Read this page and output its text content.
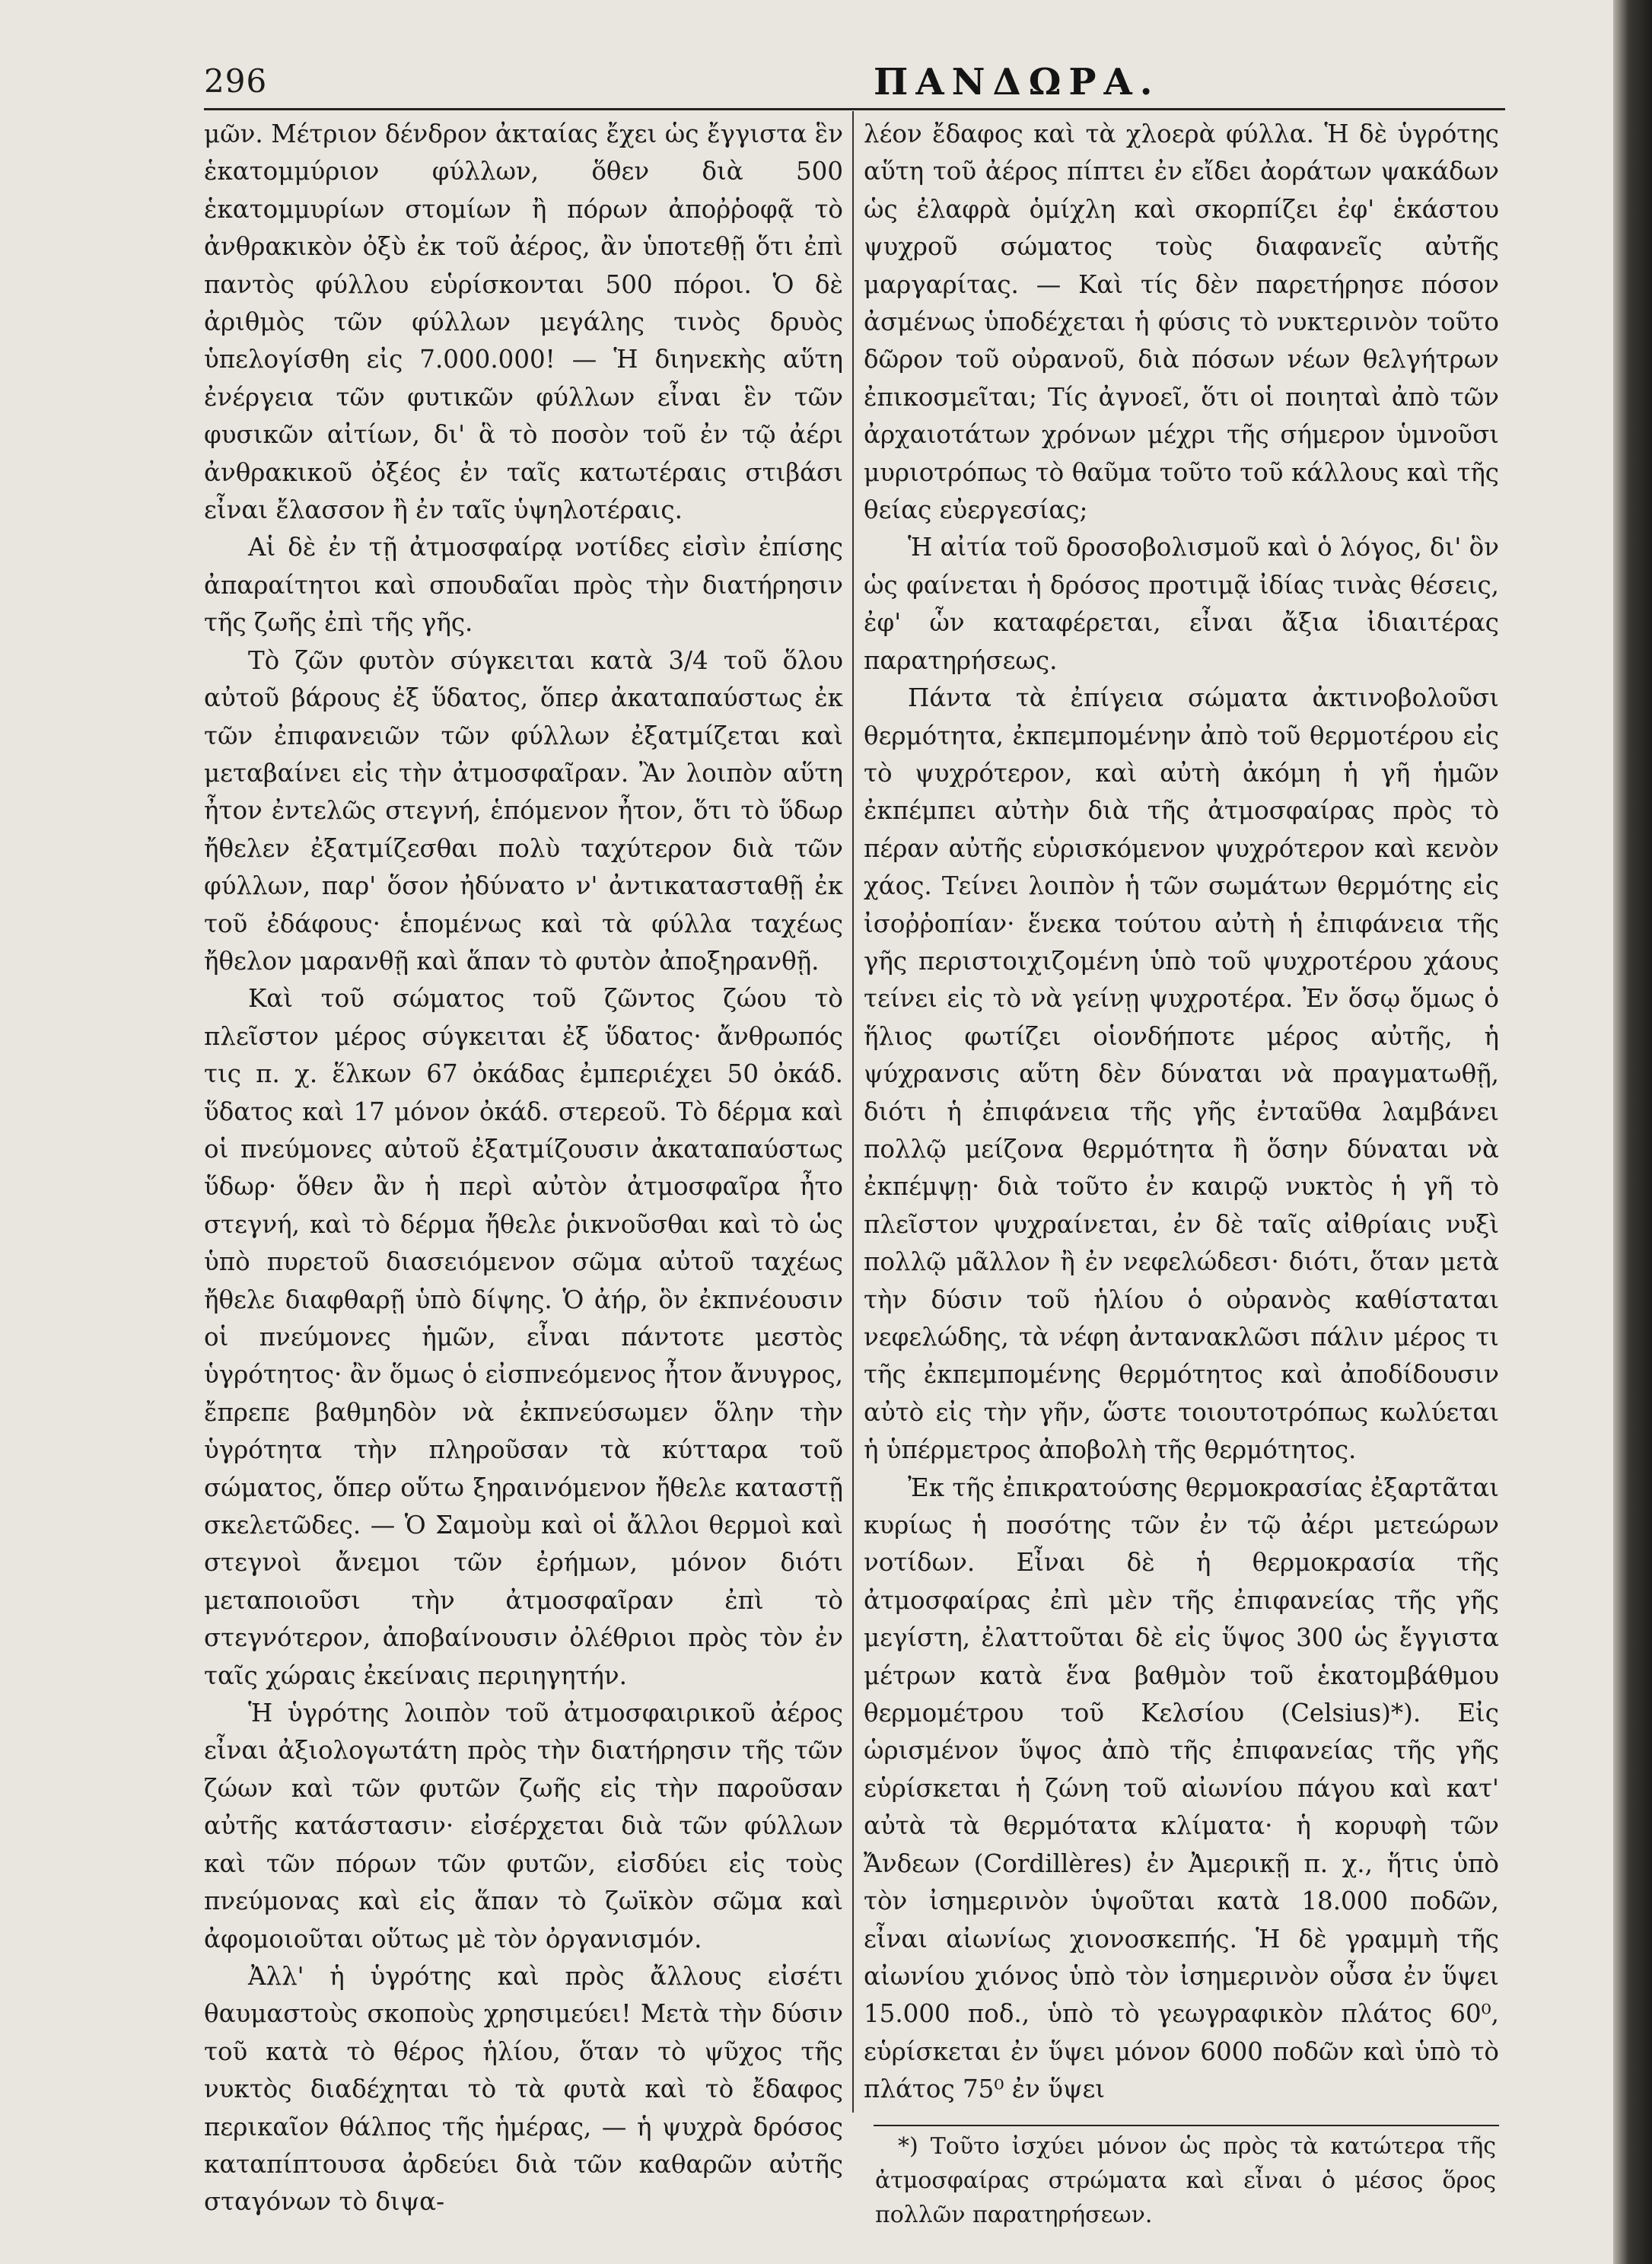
296	ΠΑΝΔΩΡΑ.

μῶν. Μέτριον δένδρον ἀκταίας ἔχει ὡς ἔγγιστα ἓν ἑκατομμύριον φύλλων, ὅθεν διὰ 500 ἑκατομμυρίων στομίων ἢ πόρων ἀποῤῥοφᾷ τὸ ἀνθρακικὸν ὀξὺ ἐκ τοῦ ἀέρος, ἂν ὑποτεθῇ ὅτι ἐπὶ παντὸς φύλλου εὑρίσκονται 500 πόροι. Ὁ δὲ ἀριθμὸς τῶν φύλλων μεγάλης τινὸς δρυὸς ὑπελογίσθη εἰς 7.000.000! — Ἡ διηνεκὴς αὕτη ἐνέργεια τῶν φυτικῶν φύλλων εἶναι ἓν τῶν φυσικῶν αἰτίων, δι' ἃ τὸ ποσὸν τοῦ ἐν τῷ ἀέρι ἀνθρακικοῦ ὀξέος ἐν ταῖς κατωτέραις στιβάσι εἶναι ἔλασσον ἢ ἐν ταῖς ὑψηλοτέραις.

Αἱ δὲ ἐν τῇ ἀτμοσφαίρᾳ νοτίδες εἰσὶν ἐπίσης ἀπαραίτητοι καὶ σπουδαῖαι πρὸς τὴν διατήρησιν τῆς ζωῆς ἐπὶ τῆς γῆς.

Τὸ ζῶν φυτὸν σύγκειται κατὰ 3/4 τοῦ ὅλου αὐτοῦ βάρους ἐξ ὕδατος, ὅπερ ἀκαταπαύστως ἐκ τῶν ἐπιφανειῶν τῶν φύλλων ἐξατμίζεται καὶ μεταβαίνει εἰς τὴν ἀτμοσφαῖραν. Ἂν λοιπὸν αὕτη ἦτον ἐντελῶς στεγνή, ἑπόμενον ἦτον, ὅτι τὸ ὕδωρ ἤθελεν ἐξατμίζεσθαι πολὺ ταχύτερον διὰ τῶν φύλλων, παρ' ὅσον ἠδύνατο ν' ἀντικατασταθῇ ἐκ τοῦ ἐδάφους· ἑπομένως καὶ τὰ φύλλα ταχέως ἤθελον μαρανθῇ καὶ ἅπαν τὸ φυτὸν ἀποξηρανθῇ.

Καὶ τοῦ σώματος τοῦ ζῶντος ζώου τὸ πλεῖστον μέρος σύγκειται ἐξ ὕδατος· ἄνθρωπός τις π. χ. ἕλκων 67 ὀκάδας ἐμπεριέχει 50 ὀκάδ. ὕδατος καὶ 17 μόνον ὀκάδ. στερεοῦ. Τὸ δέρμα καὶ οἱ πνεύμονες αὐτοῦ ἐξατμίζουσιν ἀκαταπαύστως ὕδωρ· ὅθεν ἂν ἡ περὶ αὐτὸν ἀτμοσφαῖρα ἦτο στεγνή, καὶ τὸ δέρμα ἤθελε ῥικνοῦσθαι καὶ τὸ ὡς ὑπὸ πυρετοῦ διασειόμενον σῶμα αὐτοῦ ταχέως ἤθελε διαφθαρῇ ὑπὸ δίψης. Ὁ ἀήρ, ὃν ἐκπνέουσιν οἱ πνεύμονες ἡμῶν, εἶναι πάντοτε μεστὸς ὑγρότητος· ἂν ὅμως ὁ εἰσπνεόμενος ἦτον ἄνυγρος, ἔπρεπε βαθμηδὸν νὰ ἐκπνεύσωμεν ὅλην τὴν ὑγρότητα τὴν πληροῦσαν τὰ κύτταρα τοῦ σώματος, ὅπερ οὕτω ξηραινόμενον ἤθελε καταστῇ σκελετῶδες. — Ὁ Σαμοὺμ καὶ οἱ ἄλλοι θερμοὶ καὶ στεγνοὶ ἄνεμοι τῶν ἐρήμων, μόνον διότι μεταποιοῦσι τὴν ἀτμοσφαῖραν ἐπὶ τὸ στεγνότερον, ἀποβαίνουσιν ὀλέθριοι πρὸς τὸν ἐν ταῖς χώραις ἐκείναις περιηγητήν.

Ἡ ὑγρότης λοιπὸν τοῦ ἀτμοσφαιρικοῦ ἀέρος εἶναι ἀξιολογωτάτη πρὸς τὴν διατήρησιν τῆς τῶν ζώων καὶ τῶν φυτῶν ζωῆς εἰς τὴν παροῦσαν αὐτῆς κατάστασιν· εἰσέρχεται διὰ τῶν φύλλων καὶ τῶν πόρων τῶν φυτῶν, εἰσδύει εἰς τοὺς πνεύμονας καὶ εἰς ἅπαν τὸ ζωϊκὸν σῶμα καὶ ἀφομοιοῦται οὕτως μὲ τὸν ὀργανισμόν.

Ἀλλ' ἡ ὑγρότης καὶ πρὸς ἄλλους εἰσέτι θαυμαστοὺς σκοποὺς χρησιμεύει! Μετὰ τὴν δύσιν τοῦ κατὰ τὸ θέρος ἡλίου, ὅταν τὸ ψῦχος τῆς νυκτὸς διαδέχηται τὸ τὰ φυτὰ καὶ τὸ ἔδαφος περικαῖον θάλπος τῆς ἡμέρας, — ἡ ψυχρὰ δρόσος καταπίπτουσα ἀρδεύει διὰ τῶν καθαρῶν αὐτῆς σταγόνων τὸ διψα-

λέον ἔδαφος καὶ τὰ χλοερὰ φύλλα. Ἡ δὲ ὑγρότης αὕτη τοῦ ἀέρος πίπτει ἐν εἴδει ἀοράτων ψακάδων ὡς ἐλαφρὰ ὁμίχλη καὶ σκορπίζει ἐφ' ἑκάστου ψυχροῦ σώματος τοὺς διαφανεῖς αὐτῆς μαργαρίτας. — Καὶ τίς δὲν παρετήρησε πόσον ἀσμένως ὑποδέχεται ἡ φύσις τὸ νυκτερινὸν τοῦτο δῶρον τοῦ οὐρανοῦ, διὰ πόσων νέων θελγήτρων ἐπικοσμεῖται; Τίς ἀγνοεῖ, ὅτι οἱ ποιηταὶ ἀπὸ τῶν ἀρχαιοτάτων χρόνων μέχρι τῆς σήμερον ὑμνοῦσι μυριοτρόπως τὸ θαῦμα τοῦτο τοῦ κάλλους καὶ τῆς θείας εὐεργεσίας;

Ἡ αἰτία τοῦ δροσοβολισμοῦ καὶ ὁ λόγος, δι' ὃν ὡς φαίνεται ἡ δρόσος προτιμᾷ ἰδίας τινὰς θέσεις, ἐφ' ὧν καταφέρεται, εἶναι ἄξια ἰδιαιτέρας παρατηρήσεως.

Πάντα τὰ ἐπίγεια σώματα ἀκτινοβολοῦσι θερμότητα, ἐκπεμπομένην ἀπὸ τοῦ θερμοτέρου εἰς τὸ ψυχρότερον, καὶ αὐτὴ ἀκόμη ἡ γῆ ἡμῶν ἐκπέμπει αὐτὴν διὰ τῆς ἀτμοσφαίρας πρὸς τὸ πέραν αὐτῆς εὑρισκόμενον ψυχρότερον καὶ κενὸν χάος. Τείνει λοιπὸν ἡ τῶν σωμάτων θερμότης εἰς ἰσοῤῥοπίαν· ἕνεκα τούτου αὐτὴ ἡ ἐπιφάνεια τῆς γῆς περιστοιχιζομένη ὑπὸ τοῦ ψυχροτέρου χάους τείνει εἰς τὸ νὰ γείνῃ ψυχροτέρα. Ἐν ὅσῳ ὅμως ὁ ἥλιος φωτίζει οἱονδήποτε μέρος αὐτῆς, ἡ ψύχρανσις αὕτη δὲν δύναται νὰ πραγματωθῇ, διότι ἡ ἐπιφάνεια τῆς γῆς ἐνταῦθα λαμβάνει πολλῷ μείζονα θερμότητα ἢ ὅσην δύναται νὰ ἐκπέμψῃ· διὰ τοῦτο ἐν καιρῷ νυκτὸς ἡ γῆ τὸ πλεῖστον ψυχραίνεται, ἐν δὲ ταῖς αἰθρίαις νυξὶ πολλῷ μᾶλλον ἢ ἐν νεφελώδεσι· διότι, ὅταν μετὰ τὴν δύσιν τοῦ ἡλίου ὁ οὐρανὸς καθίσταται νεφελώδης, τὰ νέφη ἀντανακλῶσι πάλιν μέρος τι τῆς ἐκπεμπομένης θερμότητος καὶ ἀποδίδουσιν αὐτὸ εἰς τὴν γῆν, ὥστε τοιουτοτρόπως κωλύεται ἡ ὑπέρμετρος ἀποβολὴ τῆς θερμότητος.

Ἐκ τῆς ἐπικρατούσης θερμοκρασίας ἐξαρτᾶται κυρίως ἡ ποσότης τῶν ἐν τῷ ἀέρι μετεώρων νοτίδων. Εἶναι δὲ ἡ θερμοκρασία τῆς ἀτμοσφαίρας ἐπὶ μὲν τῆς ἐπιφανείας τῆς γῆς μεγίστη, ἐλαττοῦται δὲ εἰς ὕψος 300 ὡς ἔγγιστα μέτρων κατὰ ἕνα βαθμὸν τοῦ ἑκατομβάθμου θερμομέτρου τοῦ Κελσίου (Celsius)*). Εἰς ὡρισμένον ὕψος ἀπὸ τῆς ἐπιφανείας τῆς γῆς εὑρίσκεται ἡ ζώνη τοῦ αἰωνίου πάγου καὶ κατ' αὐτὰ τὰ θερμότατα κλίματα· ἡ κορυφὴ τῶν Ἄνδεων (Cordillères) ἐν Ἀμερικῇ π. χ., ἥτις ὑπὸ τὸν ἰσημερινὸν ὑψοῦται κατὰ 18.000 ποδῶν, εἶναι αἰωνίως χιονοσκεπής. Ἡ δὲ γραμμὴ τῆς αἰωνίου χιόνος ὑπὸ τὸν ἰσημερινὸν οὖσα ἐν ὕψει 15.000 ποδ., ὑπὸ τὸ γεωγραφικὸν πλάτος 60⁰, εὑρίσκεται ἐν ὕψει μόνον 6000 ποδῶν καὶ ὑπὸ τὸ πλάτος 75⁰ ἐν ὕψει

*) Τοῦτο ἰσχύει μόνον ὡς πρὸς τὰ κατώτερα τῆς ἀτμοσφαίρας στρώματα καὶ εἶναι ὁ μέσος ὅρος πολλῶν παρατηρήσεων.
